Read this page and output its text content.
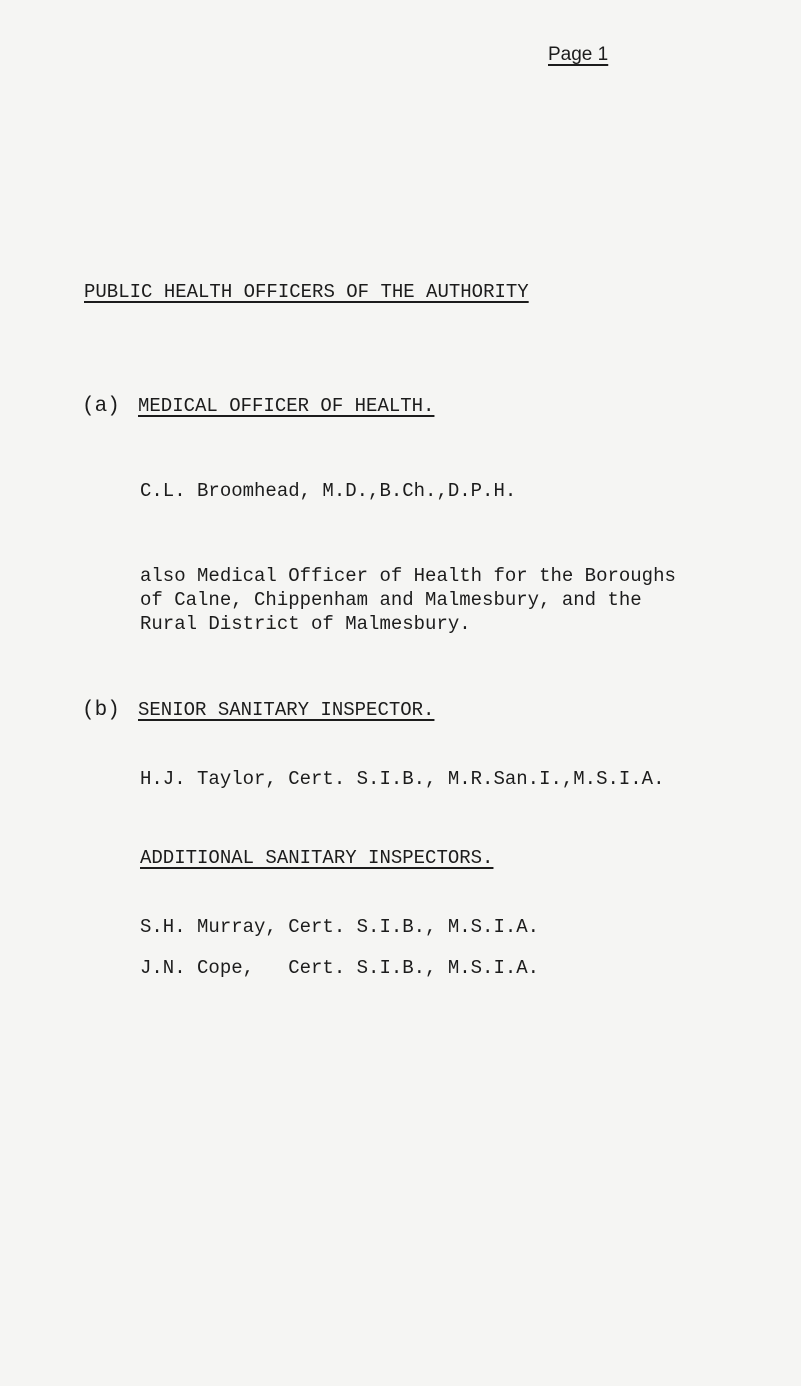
Page 1
PUBLIC HEALTH OFFICERS OF THE AUTHORITY
(a) MEDICAL OFFICER OF HEALTH.
C.L. Broomhead, M.D.,B.Ch.,D.P.H.
also Medical Officer of Health for the Boroughs
of Calne, Chippenham and Malmesbury, and the
Rural District of Malmesbury.
(b) SENIOR SANITARY INSPECTOR.
H.J. Taylor, Cert. S.I.B., M.R.San.I.,M.S.I.A.
ADDITIONAL SANITARY INSPECTORS.
S.H. Murray, Cert. S.I.B., M.S.I.A.
J.N. Cope,   Cert. S.I.B., M.S.I.A.
